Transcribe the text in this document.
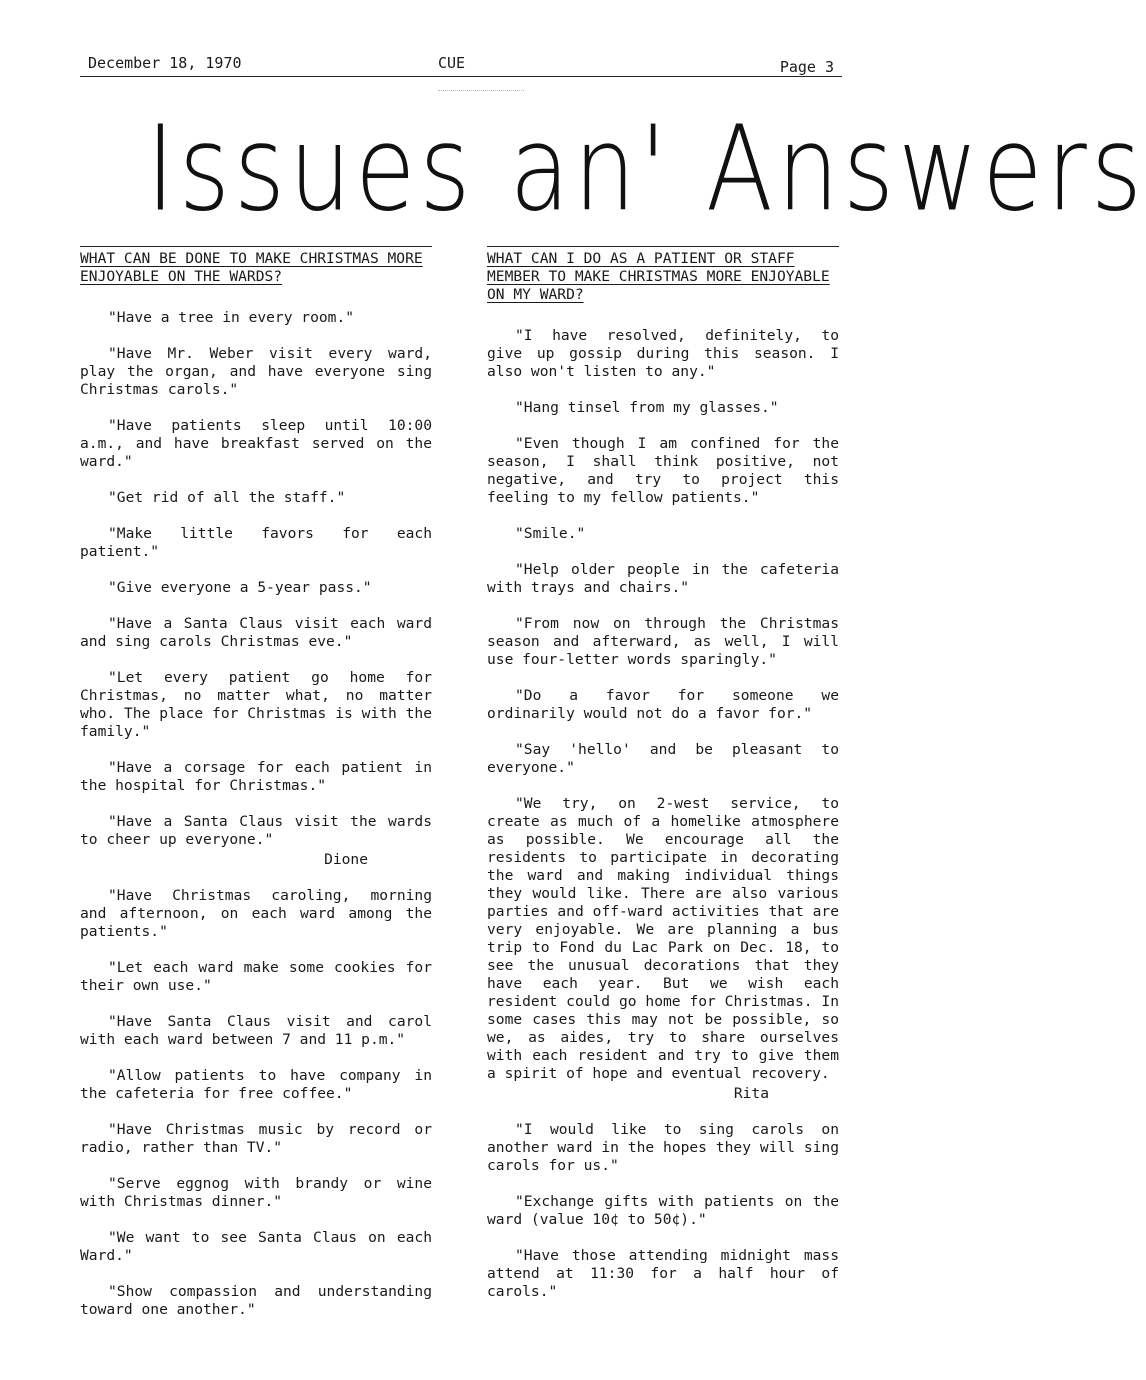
December 18, 1970	CUE	Page 3
Issues an' Answers
WHAT CAN BE DONE TO MAKE CHRISTMAS MORE ENJOYABLE ON THE WARDS?

"Have a tree in every room."

"Have Mr. Weber visit every ward, play the organ, and have everyone sing Christmas carols."

"Have patients sleep until 10:00 a.m., and have breakfast served on the ward."

"Get rid of all the staff."

"Make little favors for each patient."

"Give everyone a 5-year pass."

"Have a Santa Claus visit each ward and sing carols Christmas eve."

"Let every patient go home for Christmas, no matter what, no matter who. The place for Christmas is with the family."

"Have a corsage for each patient in the hospital for Christmas."

"Have a Santa Claus visit the wards to cheer up everyone."

Dione

"Have Christmas caroling, morning and afternoon, on each ward among the patients."

"Let each ward make some cookies for their own use."

"Have Santa Claus visit and carol with each ward between 7 and 11 p.m."

"Allow patients to have company in the cafeteria for free coffee."

"Have Christmas music by record or radio, rather than TV."

"Serve eggnog with brandy or wine with Christmas dinner."

"We want to see Santa Claus on each Ward."

"Show compassion and understanding toward one another."

WHAT CAN I DO AS A PATIENT OR STAFF MEMBER TO MAKE CHRISTMAS MORE ENJOYABLE ON MY WARD?

"I have resolved, definitely, to give up gossip during this season. I also won't listen to any."

"Hang tinsel from my glasses."

"Even though I am confined for the season, I shall think positive, not negative, and try to project this feeling to my fellow patients."

"Smile."

"Help older people in the cafeteria with trays and chairs."

"From now on through the Christmas season and afterward, as well, I will use four-letter words sparingly."

"Do a favor for someone we ordinarily would not do a favor for."

"Say 'hello' and be pleasant to everyone."

"We try, on 2-west service, to create as much of a homelike atmosphere as possible. We encourage all the residents to participate in decorating the ward and making individual things they would like. There are also various parties and off-ward activities that are very enjoyable. We are planning a bus trip to Fond du Lac Park on Dec. 18, to see the unusual decorations that they have each year. But we wish each resident could go home for Christmas. In some cases this may not be possible, so we, as aides, try to share ourselves with each resident and try to give them a spirit of hope and eventual recovery.

Rita

"I would like to sing carols on another ward in the hopes they will sing carols for us."

"Exchange gifts with patients on the ward (value 10¢ to 50¢)."

"Have those attending midnight mass attend at 11:30 for a half hour of carols."
